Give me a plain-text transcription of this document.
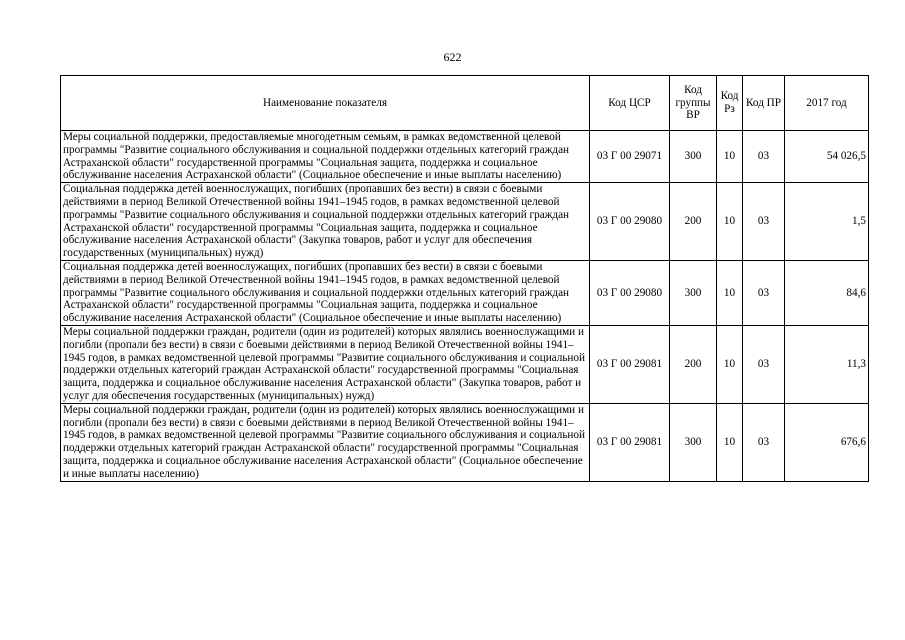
622
Наименование показателя	Код ЦСР	Код группы ВР	Код Рз	Код ПР	2017 год
Меры социальной поддержки, предоставляемые многодетным семьям, в рамках ведомственной целевой программы "Развитие социального обслуживания и социальной поддержки отдельных категорий граждан Астраханской области" государственной программы "Социальная защита, поддержка и социальное обслуживание населения Астраханской области" (Социальное обеспечение и иные выплаты населению)	03 Г 00 29071	300	10	03	54 026,5
Социальная поддержка детей военнослужащих, погибших (пропавших без вести) в связи с боевыми действиями в период Великой Отечественной войны 1941–1945 годов, в рамках ведомственной целевой программы "Развитие социального обслуживания и социальной поддержки отдельных категорий граждан Астраханской области" государственной программы "Социальная защита, поддержка и социальное обслуживание населения Астраханской области" (Закупка товаров, работ и услуг для обеспечения государственных (муниципальных) нужд)	03 Г 00 29080	200	10	03	1,5
Социальная поддержка детей военнослужащих, погибших (пропавших без вести) в связи с боевыми действиями в период Великой Отечественной войны 1941–1945 годов, в рамках ведомственной целевой программы "Развитие социального обслуживания и социальной поддержки отдельных категорий граждан Астраханской области" государственной программы "Социальная защита, поддержка и социальное обслуживание населения Астраханской области" (Социальное обеспечение и иные выплаты населению)	03 Г 00 29080	300	10	03	84,6
Меры социальной поддержки граждан, родители (один из родителей) которых являлись военнослужащими и погибли (пропали без вести) в связи с боевыми действиями в период Великой Отечественной войны 1941–1945 годов, в рамках ведомственной целевой программы "Развитие социального обслуживания и социальной поддержки отдельных категорий граждан Астраханской области" государственной программы "Социальная защита, поддержка и социальное обслуживание населения Астраханской области" (Закупка товаров, работ и услуг для обеспечения государственных (муниципальных) нужд)	03 Г 00 29081	200	10	03	11,3
Меры социальной поддержки граждан, родители (один из родителей) которых являлись военнослужащими и погибли (пропали без вести) в связи с боевыми действиями в период Великой Отечественной войны 1941–1945 годов, в рамках ведомственной целевой программы "Развитие социального обслуживания и социальной поддержки отдельных категорий граждан Астраханской области" государственной программы "Социальная защита, поддержка и социальное обслуживание населения Астраханской области" (Социальное обеспечение и иные выплаты населению)	03 Г 00 29081	300	10	03	676,6
